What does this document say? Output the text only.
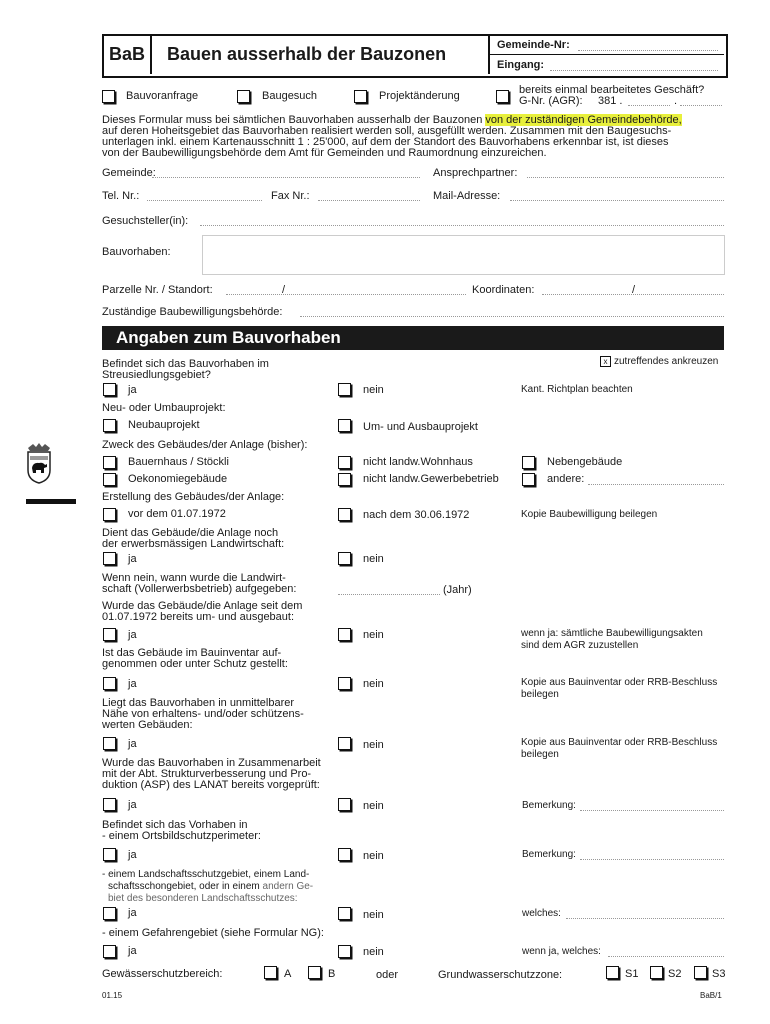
BaB Bauen ausserhalb der Bauzonen	Gemeinde-Nr:
Eingang:
Bauvoranfrage	Baugesuch	Projektänderung	bereits einmal bearbeitetes Geschäft?
G-Nr. (AGR): 381 .	.
Dieses Formular muss bei sämtlichen Bauvorhaben ausserhalb der Bauzonen von der zuständigen Gemeindebehörde,
auf deren Hoheitsgebiet das Bauvorhaben realisiert werden soll, ausgefüllt werden. Zusammen mit den Baugesuchs-
unterlagen inkl. einem Kartenausschnitt 1 : 25'000, auf dem der Standort des Bauvorhabens erkennbar ist, ist dieses
von der Baubewilligungsbehörde dem Amt für Gemeinden und Raumordnung einzureichen.
Gemeinde:	Ansprechpartner:
Tel. Nr.:	Fax Nr.:	Mail-Adresse:
Gesuchsteller(in):
Bauvorhaben:
Parzelle Nr. / Standort:	/	Koordinaten:	/
Zuständige Baubewilligungsbehörde:
Angaben zum Bauvorhaben
x zutreffendes ankreuzen
Befindet sich das Bauvorhaben im
Streusiedlungsgebiet?
ja	nein	Kant. Richtplan beachten
Neu- oder Umbauprojekt:
Neubauprojekt	Um- und Ausbauprojekt
Zweck des Gebäudes/der Anlage (bisher):
Bauernhaus / Stöckli	nicht landw.Wohnhaus	Nebengebäude
Oekonomiegebäude	nicht landw.Gewerbebetrieb	andere:
Erstellung des Gebäudes/der Anlage:
vor dem 01.07.1972	nach dem 30.06.1972	Kopie Baubewilligung beilegen
Dient das Gebäude/die Anlage noch
der erwerbsmässigen Landwirtschaft:
ja	nein
Wenn nein, wann wurde die Landwirt-
schaft (Vollerwerbsbetrieb) aufgegeben:	(Jahr)
Wurde das Gebäude/die Anlage seit dem
01.07.1972 bereits um- und ausgebaut:
ja	nein	wenn ja: sämtliche Baubewilligungsakten
sind dem AGR zuzustellen
Ist das Gebäude im Bauinventar auf-
genommen oder unter Schutz gestellt:
ja	nein	Kopie aus Bauinventar oder RRB-Beschluss
beilegen
Liegt das Bauvorhaben in unmittelbarer
Nähe von erhaltens- und/oder schützens-
werten Gebäuden:
ja	nein	Kopie aus Bauinventar oder RRB-Beschluss
beilegen
Wurde das Bauvorhaben in Zusammenarbeit
mit der Abt. Strukturverbesserung und Pro-
duktion (ASP) des LANAT bereits vorgeprüft:
ja	nein	Bemerkung:
Befindet sich das Vorhaben in
- einem Ortsbildschutzperimeter:
ja	nein	Bemerkung:
- einem Landschaftsschutzgebiet, einem Land-
schaftsschongebiet, oder in einem andern Ge-
biet des besonderen Landschaftsschutzes:
ja	nein	welches:
- einem Gefahrengebiet (siehe Formular NG):
ja	nein	wenn ja, welches:
Gewässerschutzbereich:	A	B	oder	Grundwasserschutzzone:	S1	S2	S3
01.15	BaB/1
